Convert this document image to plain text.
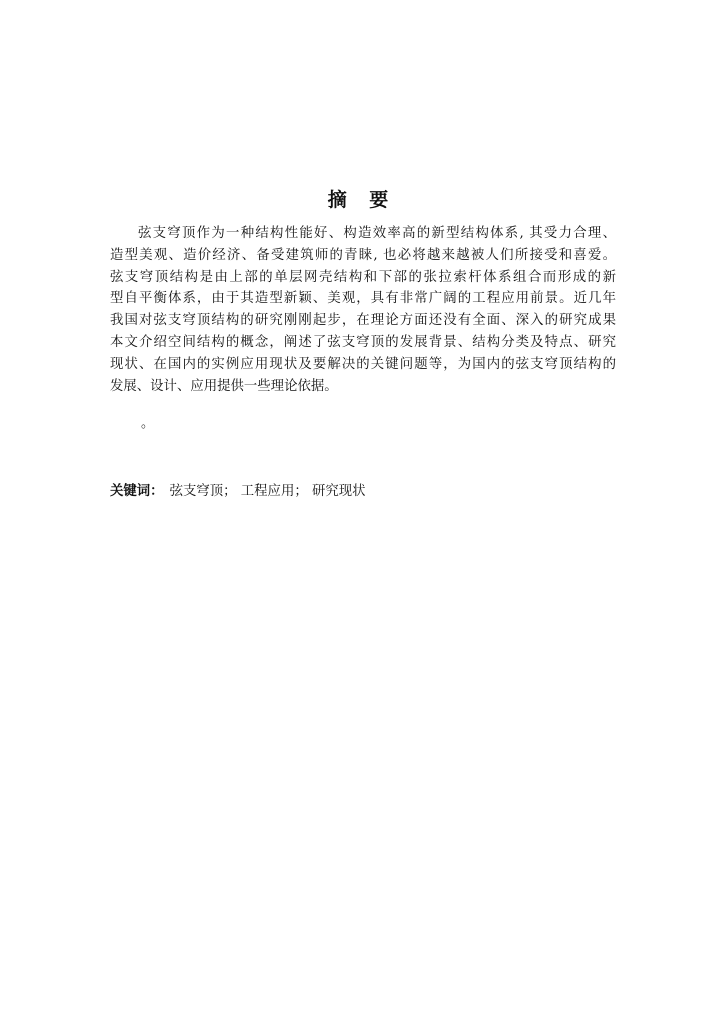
摘 要
弦支穹顶作为一种结构性能好、构造效率高的新型结构体系, 其受力合理、
造型美观、造价经济、备受建筑师的青睐, 也必将越来越被人们所接受和喜爱。
弦支穹顶结构是由上部的单层网壳结构和下部的张拉索杆体系组合而形成的新
型自平衡体系，由于其造型新颖、美观，具有非常广阔的工程应用前景。近几年
我国对弦支穹顶结构的研究刚刚起步，在理论方面还没有全面、深入的研究成果
本文介绍空间结构的概念，阐述了弦支穹顶的发展背景、结构分类及特点、研究
现状、在国内的实例应用现状及要解决的关键问题等，为国内的弦支穹顶结构的
发展、设计、应用提供一些理论依据。
。
关键词： 弦支穹顶； 工程应用； 研究现状
